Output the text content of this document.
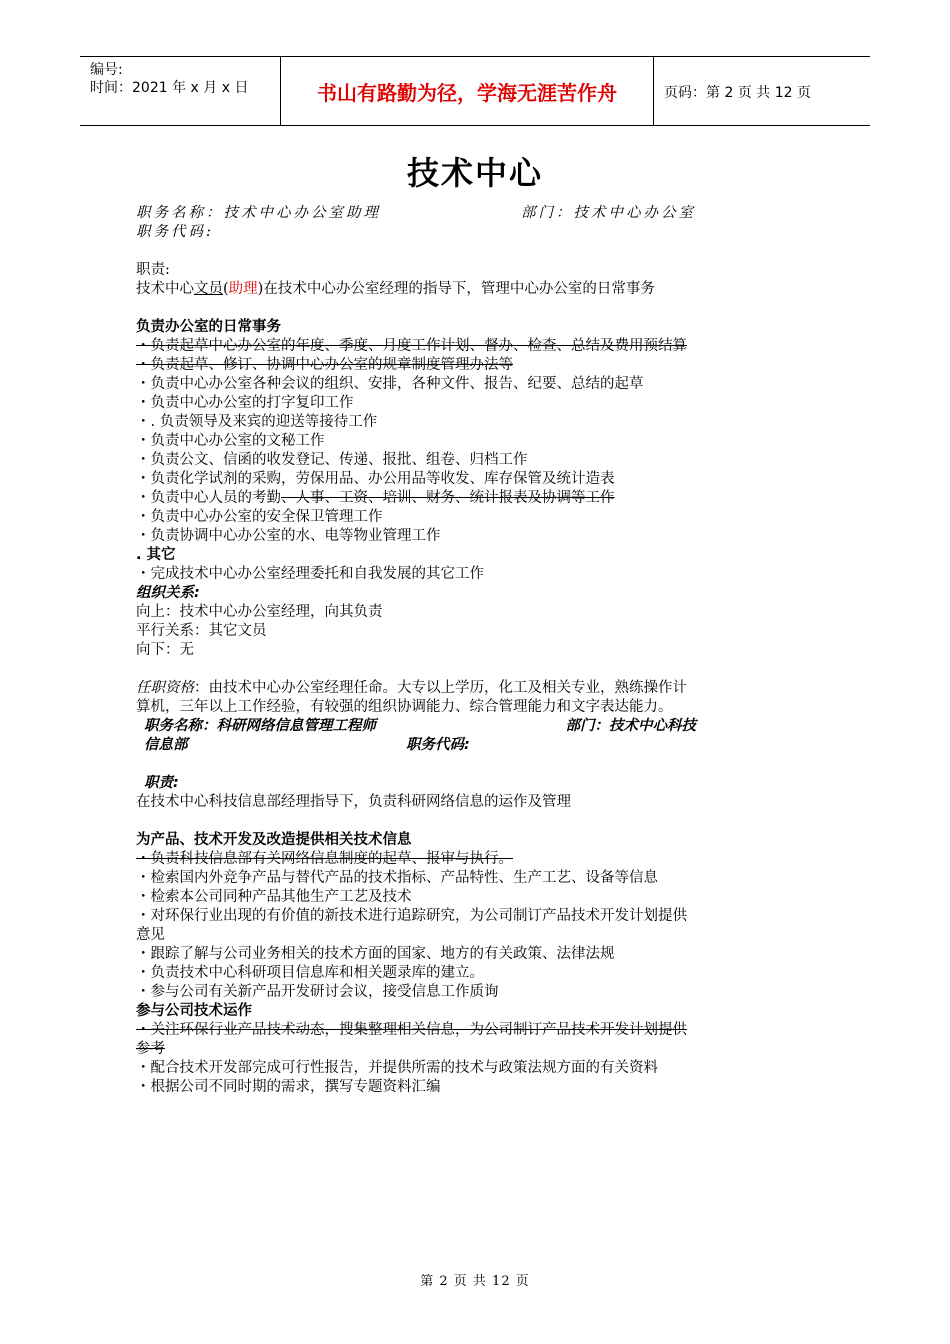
编号:
时间：2021 年 x 月 x 日	书山有路勤为径，学海无涯苦作舟	页码：第 2 页 共 12 页
技术中心
职务名称：技术中心办公室助理	部门：技术中心办公室
职务代码:
职责:
技术中心文员(助理)在技术中心办公室经理的指导下，管理中心办公室的日常事务
负责办公室的日常事务
・负责起草中心办公室的年度、季度、月度工作计划、督办、检查、总结及费用预结算
・负责起草、修订、协调中心办公室的规章制度管理办法等
・负责中心办公室各种会议的组织、安排，各种文件、报告、纪要、总结的起草
・负责中心办公室的打字复印工作
・. 负责领导及来宾的迎送等接待工作
・负责中心办公室的文秘工作
・负责公文、信函的收发登记、传递、报批、组卷、归档工作
・负责化学试剂的采购，劳保用品、办公用品等收发、库存保管及统计造表
・负责中心人员的考勤、人事、工资、培训、财务、统计报表及协调等工作
・负责中心办公室的安全保卫管理工作
・负责协调中心办公室的水、电等物业管理工作
. 其它
・完成技术中心办公室经理委托和自我发展的其它工作
组织关系:
向上：技术中心办公室经理，向其负责
平行关系：其它文员
向下：无
任职资格：由技术中心办公室经理任命。大专以上学历，化工及相关专业，熟练操作计算机，三年以上工作经验，有较强的组织协调能力、综合管理能力和文字表达能力。
职务名称：科研网络信息管理工程师	部门：技术中心科技
信息部	职务代码:
职责:
在技术中心科技信息部经理指导下，负责科研网络信息的运作及管理
为产品、技术开发及改造提供相关技术信息
・负责科技信息部有关网络信息制度的起草、报审与执行。
・检索国内外竞争产品与替代产品的技术指标、产品特性、生产工艺、设备等信息
・检索本公司同种产品其他生产工艺及技术
・对环保行业出现的有价值的新技术进行追踪研究，为公司制订产品技术开发计划提供意见
・跟踪了解与公司业务相关的技术方面的国家、地方的有关政策、法律法规
・负责技术中心科研项目信息库和相关题录库的建立。
・参与公司有关新产品开发研讨会议，接受信息工作质询
参与公司技术运作
・关注环保行业产品技术动态，搜集整理相关信息，为公司制订产品技术开发计划提供参考
・配合技术开发部完成可行性报告，并提供所需的技术与政策法规方面的有关资料
・根据公司不同时期的需求，撰写专题资料汇编
第 2 页 共 12 页
